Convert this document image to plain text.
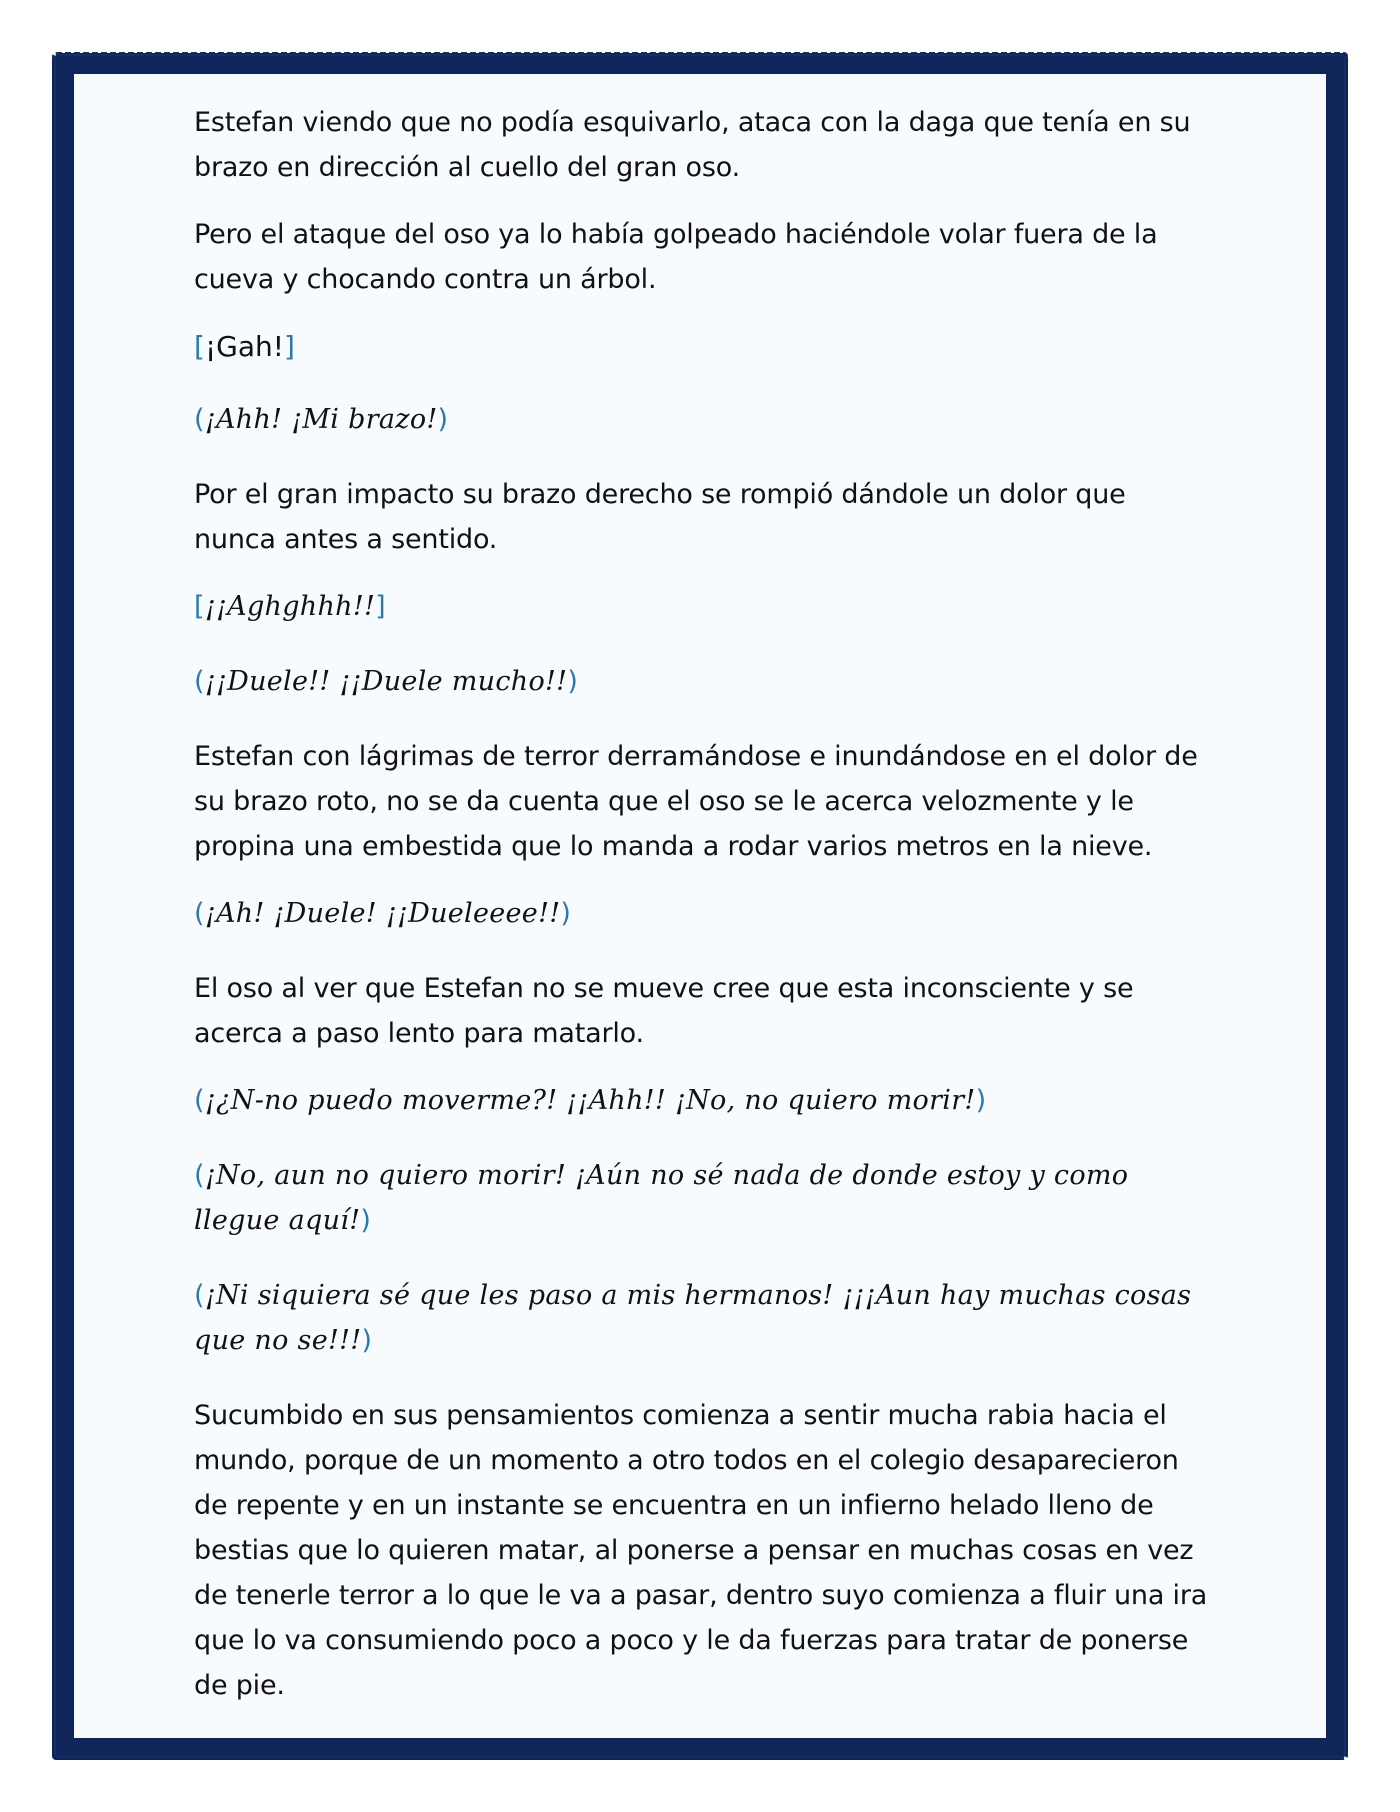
Estefan viendo que no podía esquivarlo, ataca con la daga que tenía en su brazo en dirección al cuello del gran oso.

Pero el ataque del oso ya lo había golpeado haciéndole volar fuera de la cueva y chocando contra un árbol.

[¡Gah!]

(¡Ahh! ¡Mi brazo!)

Por el gran impacto su brazo derecho se rompió dándole un dolor que nunca antes a sentido.

[¡¡Aghghhh!!]

(¡¡Duele!! ¡¡Duele mucho!!)

Estefan con lágrimas de terror derramándose e inundándose en el dolor de su brazo roto, no se da cuenta que el oso se le acerca velozmente y le propina una embestida que lo manda a rodar varios metros en la nieve.

(¡Ah! ¡Duele! ¡¡Dueleeee!!)

El oso al ver que Estefan no se mueve cree que esta inconsciente y se acerca a paso lento para matarlo.

(¡¿N-no puedo moverme?! ¡¡Ahh!! ¡No, no quiero morir!)

(¡No, aun no quiero morir! ¡Aún no sé nada de donde estoy y como llegue aquí!)

(¡Ni siquiera sé que les paso a mis hermanos! ¡¡¡Aun hay muchas cosas que no se!!!)

Sucumbido en sus pensamientos comienza a sentir mucha rabia hacia el mundo, porque de un momento a otro todos en el colegio desaparecieron de repente y en un instante se encuentra en un infierno helado lleno de bestias que lo quieren matar, al ponerse a pensar en muchas cosas en vez de tenerle terror a lo que le va a pasar, dentro suyo comienza a fluir una ira que lo va consumiendo poco a poco y le da fuerzas para tratar de ponerse de pie.
